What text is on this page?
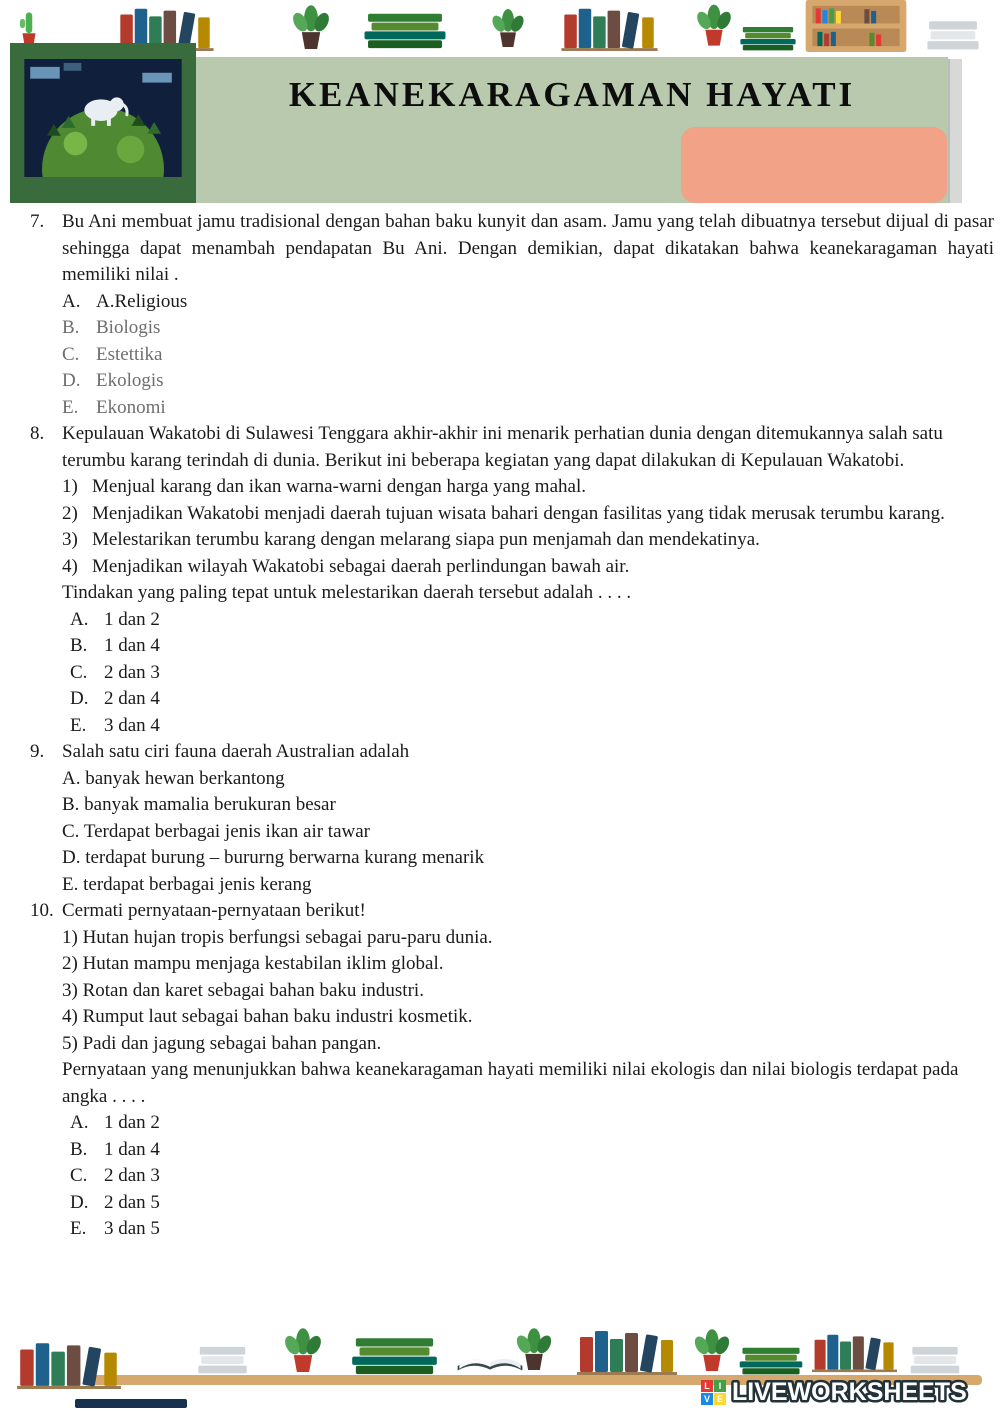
KEANEKARAGAMAN HAYATI
7. Bu Ani membuat jamu tradisional dengan bahan baku kunyit dan asam. Jamu yang telah dibuatnya tersebut dijual di pasar sehingga dapat menambah pendapatan Bu Ani. Dengan demikian, dapat dikatakan bahwa keanekaragaman hayati memiliki nilai .

A. A.Religious
B. Biologis
C. Estettika
D. Ekologis
E. Ekonomi
8. Kepulauan Wakatobi di Sulawesi Tenggara akhir-akhir ini menarik perhatian dunia dengan ditemukannya salah satu terumbu karang terindah di dunia. Berikut ini beberapa kegiatan yang dapat dilakukan di Kepulauan Wakatobi.

1) Menjual karang dan ikan warna-warni dengan harga yang mahal.
2) Menjadikan Wakatobi menjadi daerah tujuan wisata bahari dengan fasilitas yang tidak merusak terumbu karang.
3) Melestarikan terumbu karang dengan melarang siapa pun menjamah dan mendekatinya.
4) Menjadikan wilayah Wakatobi sebagai daerah perlindungan bawah air.

Tindakan yang paling tepat untuk melestarikan daerah tersebut adalah . . . .

A. 1 dan 2
B. 1 dan 4
C. 2 dan 3
D. 2 dan 4
E. 3 dan 4
9. Salah satu ciri fauna daerah Australian adalah

A. banyak hewan berkantong
B. banyak mamalia berukuran besar
C. Terdapat berbagai jenis ikan air tawar
D. terdapat burung – bururng berwarna kurang menarik
E. terdapat berbagai jenis kerang
10. Cermati pernyataan-pernyataan berikut!

1) Hutan hujan tropis berfungsi sebagai paru-paru dunia.
2) Hutan mampu menjaga kestabilan iklim global.
3) Rotan dan karet sebagai bahan baku industri.
4) Rumput laut sebagai bahan baku industri kosmetik.
5) Padi dan jagung sebagai bahan pangan.

Pernyataan yang menunjukkan bahwa keanekaragaman hayati memiliki nilai ekologis dan nilai biologis terdapat pada angka . . . .

A. 1 dan 2
B. 1 dan 4
C. 2 dan 3
D. 2 dan 5
E. 3 dan 5
L I
V E LIVEWORKSHEETS
